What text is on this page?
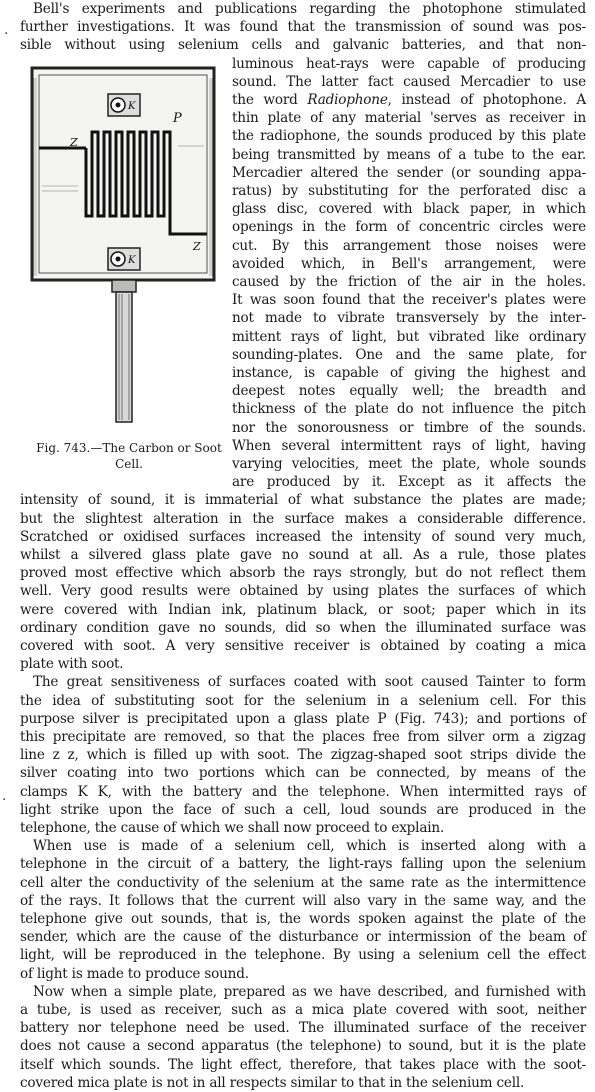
P
Z
Z
K
K
Fig. 743.—The Carbon or Soot Cell.
·
·
Bell's experiments and publications regarding the photophone stimulated
further investigations. It was found that the transmission of sound was pos-
sible without using selenium cells and galvanic batteries, and that non-
luminous heat-rays were capable of producing
sound. The latter fact caused Mercadier to use
the word Radiophone, instead of photophone. A
thin plate of any material 'serves as receiver in
the radiophone, the sounds produced by this plate
being transmitted by means of a tube to the ear.
Mercadier altered the sender (or sounding appa-
ratus) by substituting for the perforated disc a
glass disc, covered with black paper, in which
openings in the form of concentric circles were
cut. By this arrangement those noises were
avoided which, in Bell's arrangement, were
caused by the friction of the air in the holes.
It was soon found that the receiver's plates were
not made to vibrate transversely by the inter-
mittent rays of light, but vibrated like ordinary
sounding-plates. One and the same plate, for
instance, is capable of giving the highest and
deepest notes equally well; the breadth and
thickness of the plate do not influence the pitch
nor the sonorousness or timbre of the sounds.
When several intermittent rays of light, having
varying velocities, meet the plate, whole sounds
are produced by it. Except as it affects the
intensity of sound, it is immaterial of what substance the plates are made;
but the slightest alteration in the surface makes a considerable difference.
Scratched or oxidised surfaces increased the intensity of sound very much,
whilst a silvered glass plate gave no sound at all. As a rule, those plates
proved most effective which absorb the rays strongly, but do not reflect them
well. Very good results were obtained by using plates the surfaces of which
were covered with Indian ink, platinum black, or soot; paper which in its
ordinary condition gave no sounds, did so when the illuminated surface was
covered with soot. A very sensitive receiver is obtained by coating a mica
plate with soot.
The great sensitiveness of surfaces coated with soot caused Tainter to form
the idea of substituting soot for the selenium in a selenium cell. For this
purpose silver is precipitated upon a glass plate P (Fig. 743); and portions of
this precipitate are removed, so that the places free from silver orm a zigzag
line z z, which is filled up with soot. The zigzag-shaped soot strips divide the
silver coating into two portions which can be connected, by means of the
clamps K K, with the battery and the telephone. When intermitted rays of
light strike upon the face of such a cell, loud sounds are produced in the
telephone, the cause of which we shall now proceed to explain.
When use is made of a selenium cell, which is inserted along with a
telephone in the circuit of a battery, the light-rays falling upon the selenium
cell alter the conductivity of the selenium at the same rate as the intermittence
of the rays. It follows that the current will also vary in the same way, and the
telephone give out sounds, that is, the words spoken against the plate of the
sender, which are the cause of the disturbance or intermission of the beam of
light, will be reproduced in the telephone. By using a selenium cell the effect
of light is made to produce sound.
Now when a simple plate, prepared as we have described, and furnished with
a tube, is used as receiver, such as a mica plate covered with soot, neither
battery nor telephone need be used. The illuminated surface of the receiver
does not cause a second apparatus (the telephone) to sound, but it is the plate
itself which sounds. The light effect, therefore, that takes place with the soot-
covered mica plate is not in all respects similar to that in the selenium cell.
